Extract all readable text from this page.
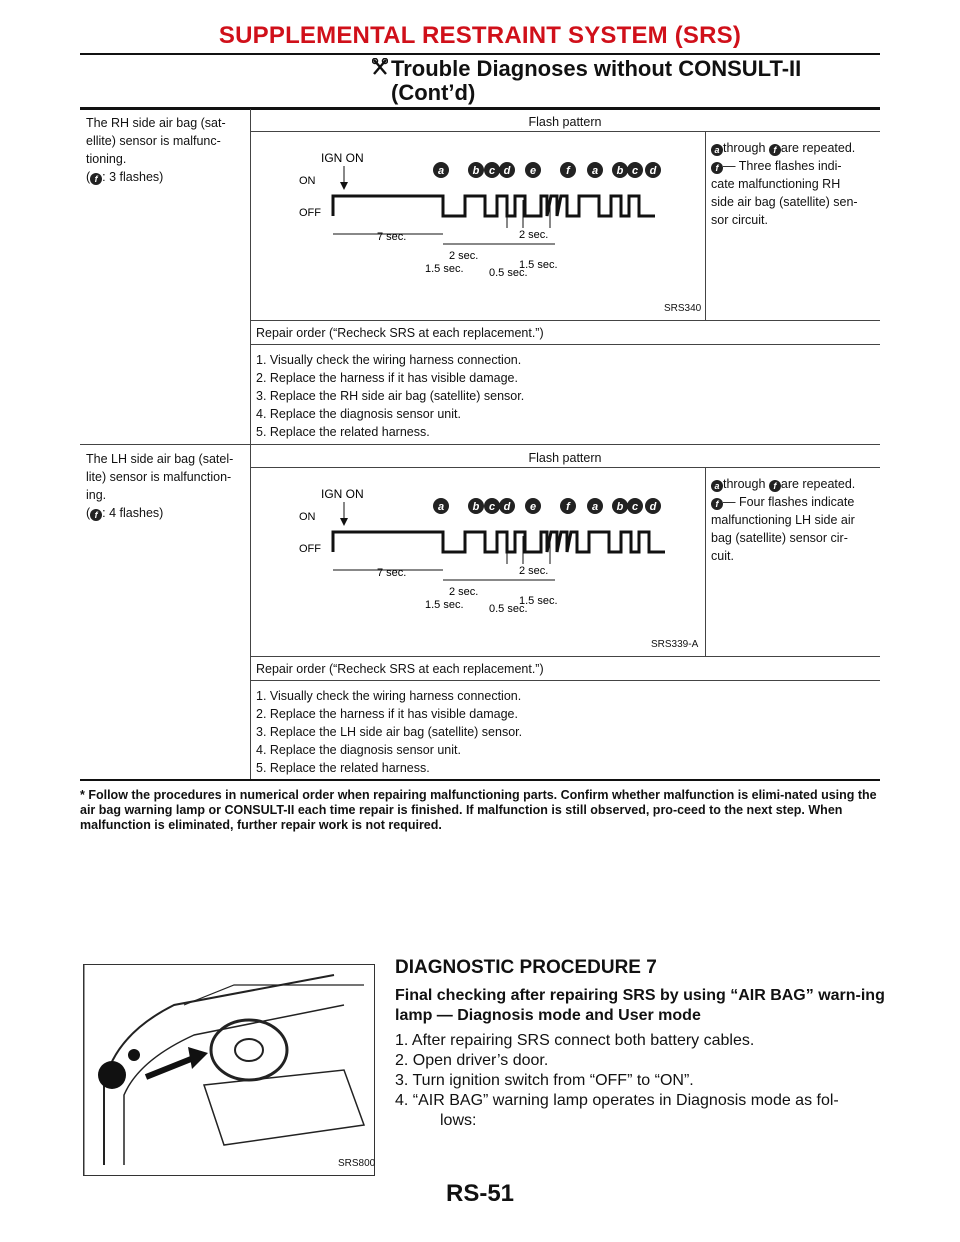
SUPPLEMENTAL RESTRAINT SYSTEM (SRS)
Trouble Diagnoses without CONSULT-II
(Cont’d)
The RH side air bag (sat-
ellite) sensor is malfunc-
tioning.
( f : 3 flashes)
Flash pattern
IGN ON
ON
OFF
a	b c d e	f a b c d
7 sec.
2 sec.
1.5 sec. 0.5 sec.
2 sec.
1.5 sec.
SRS340
a through f are repeated.
f — Three flashes indi-
cate malfunctioning RH
side air bag (satellite) sen-
sor circuit.
Repair order (“Recheck SRS at each replacement.”)
1. Visually check the wiring harness connection.
2. Replace the harness if it has visible damage.
3. Replace the RH side air bag (satellite) sensor.
4. Replace the diagnosis sensor unit.
5. Replace the related harness.
The LH side air bag (satel-
lite) sensor is malfunction-
ing.
( f : 4 flashes)
Flash pattern
IGN ON
ON
OFF
a	b c d e	f a b c d
7 sec.
2 sec.
1.5 sec. 0.5 sec.
2 sec.
1.5 sec.
SRS339-A
a through f are repeated.
f — Four flashes indicate
malfunctioning LH side air
bag (satellite) sensor cir-
cuit.
Repair order (“Recheck SRS at each replacement.”)
1. Visually check the wiring harness connection.
2. Replace the harness if it has visible damage.
3. Replace the LH side air bag (satellite) sensor.
4. Replace the diagnosis sensor unit.
5. Replace the related harness.
* Follow the procedures in numerical order when repairing malfunctioning parts. Confirm whether malfunction is elimi-nated using the air bag warning lamp or CONSULT-II each time repair is finished. If malfunction is still observed, pro-ceed to the next step. When malfunction is eliminated, further repair work is not required.
SRS800
DIAGNOSTIC PROCEDURE 7
Final checking after repairing SRS by using “AIR BAG” warn-ing lamp — Diagnosis mode and User mode
1. After repairing SRS connect both battery cables.
2. Open driver’s door.
3. Turn ignition switch from “OFF” to “ON”.
4. “AIR BAG” warning lamp operates in Diagnosis mode as fol-
lows:
RS-51
